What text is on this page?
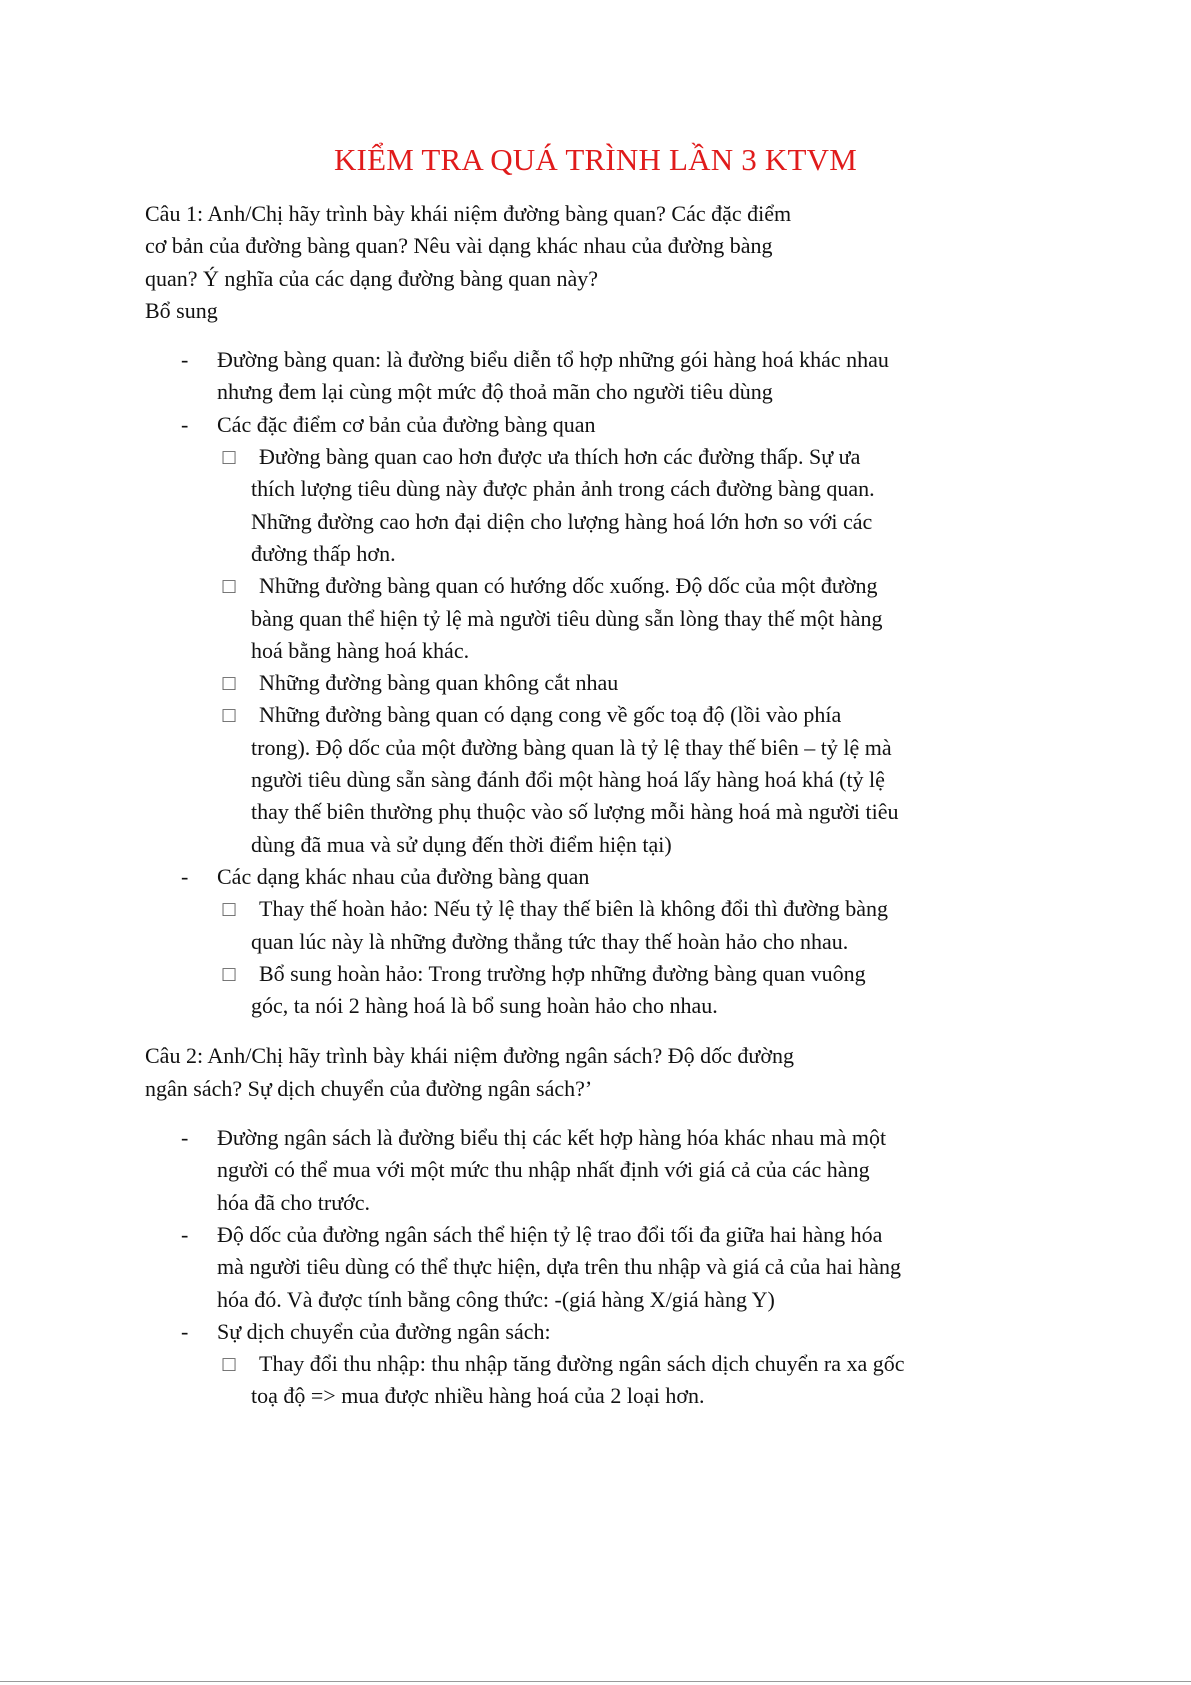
KIỂM TRA QUÁ TRÌNH LẦN 3 KTVM

Câu 1: Anh/Chị hãy trình bày khái niệm đường bàng quan? Các đặc điểm cơ bản của đường bàng quan? Nêu vài dạng khác nhau của đường bàng quan? Ý nghĩa của các dạng đường bàng quan này?

Bổ sung

- Đường bàng quan: là đường biểu diễn tổ hợp những gói hàng hoá khác nhau nhưng đem lại cùng một mức độ thoả mãn cho người tiêu dùng
- Các đặc điểm cơ bản của đường bàng quan
□ Đường bàng quan cao hơn được ưa thích hơn các đường thấp. Sự ưa thích lượng tiêu dùng này được phản ảnh trong cách đường bàng quan. Những đường cao hơn đại diện cho lượng hàng hoá lớn hơn so với các đường thấp hơn.
□ Những đường bàng quan có hướng dốc xuống. Độ dốc của một đường bàng quan thể hiện tỷ lệ mà người tiêu dùng sẵn lòng thay thế một hàng hoá bằng hàng hoá khác.
□ Những đường bàng quan không cắt nhau
□ Những đường bàng quan có dạng cong về gốc toạ độ (lồi vào phía trong). Độ dốc của một đường bàng quan là tỷ lệ thay thế biên – tỷ lệ mà người tiêu dùng sẵn sàng đánh đổi một hàng hoá lấy hàng hoá khá (tỷ lệ thay thế biên thường phụ thuộc vào số lượng mỗi hàng hoá mà người tiêu dùng đã mua và sử dụng đến thời điểm hiện tại)
- Các dạng khác nhau của đường bàng quan
□ Thay thế hoàn hảo: Nếu tỷ lệ thay thế biên là không đổi thì đường bàng quan lúc này là những đường thẳng tức thay thế hoàn hảo cho nhau.
□ Bổ sung hoàn hảo: Trong trường hợp những đường bàng quan vuông góc, ta nói 2 hàng hoá là bổ sung hoàn hảo cho nhau.

Câu 2: Anh/Chị hãy trình bày khái niệm đường ngân sách? Độ dốc đường ngân sách? Sự dịch chuyển của đường ngân sách?’

- Đường ngân sách là đường biểu thị các kết hợp hàng hóa khác nhau mà một người có thể mua với một mức thu nhập nhất định với giá cả của các hàng hóa đã cho trước.
- Độ dốc của đường ngân sách thể hiện tỷ lệ trao đổi tối đa giữa hai hàng hóa mà người tiêu dùng có thể thực hiện, dựa trên thu nhập và giá cả của hai hàng hóa đó. Và được tính bằng công thức: -(giá hàng X/giá hàng Y)
- Sự dịch chuyển của đường ngân sách:
□ Thay đổi thu nhập: thu nhập tăng đường ngân sách dịch chuyển ra xa gốc toạ độ => mua được nhiều hàng hoá của 2 loại hơn.
